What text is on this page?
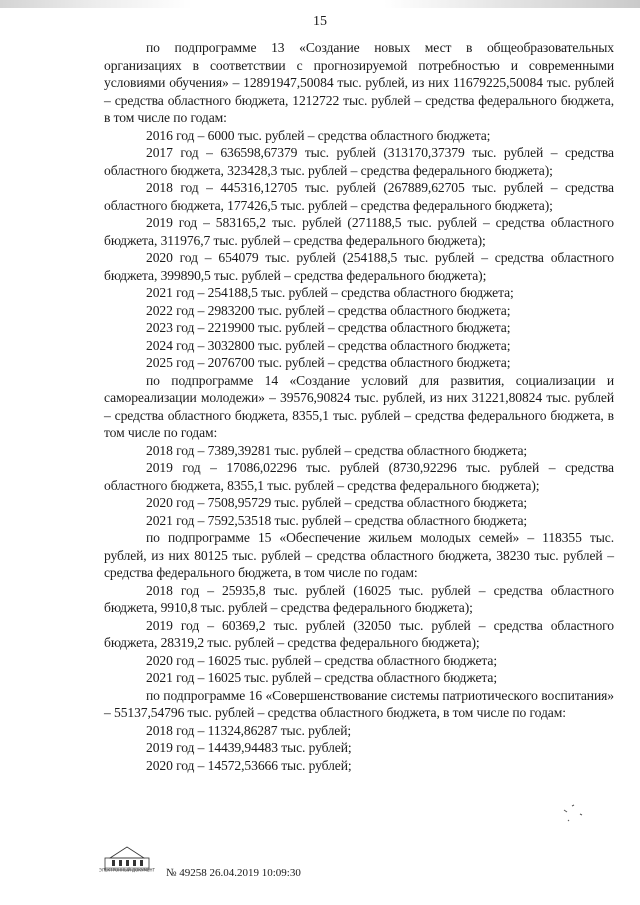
15

по подпрограмме 13 «Создание новых мест в общеобразовательных организациях в соответствии с прогнозируемой потребностью и современными условиями обучения» – 12891947,50084 тыс. рублей, из них 11679225,50084 тыс. рублей – средства областного бюджета, 1212722 тыс. рублей – средства федерального бюджета, в том числе по годам:

2016 год – 6000 тыс. рублей – средства областного бюджета;

2017 год – 636598,67379 тыс. рублей (313170,37379 тыс. рублей – средства областного бюджета, 323428,3 тыс. рублей – средства федерального бюджета);

2018 год – 445316,12705 тыс. рублей (267889,62705 тыс. рублей – средства областного бюджета, 177426,5 тыс. рублей – средства федерального бюджета);

2019 год – 583165,2 тыс. рублей (271188,5 тыс. рублей – средства областного бюджета, 311976,7 тыс. рублей – средства федерального бюджета);

2020 год – 654079 тыс. рублей (254188,5 тыс. рублей – средства областного бюджета, 399890,5 тыс. рублей – средства федерального бюджета);

2021 год – 254188,5 тыс. рублей – средства областного бюджета;

2022 год – 2983200 тыс. рублей – средства областного бюджета;

2023 год – 2219900 тыс. рублей – средства областного бюджета;

2024 год – 3032800 тыс. рублей – средства областного бюджета;

2025 год – 2076700 тыс. рублей – средства областного бюджета;

по подпрограмме 14 «Создание условий для развития, социализации и самореализации молодежи» – 39576,90824 тыс. рублей, из них 31221,80824 тыс. рублей – средства областного бюджета, 8355,1 тыс. рублей – средства федерального бюджета, в том числе по годам:

2018 год – 7389,39281 тыс. рублей – средства областного бюджета;

2019 год – 17086,02296 тыс. рублей (8730,92296 тыс. рублей – средства областного бюджета, 8355,1 тыс. рублей – средства федерального бюджета);

2020 год – 7508,95729 тыс. рублей – средства областного бюджета;

2021 год – 7592,53518 тыс. рублей – средства областного бюджета;

по подпрограмме 15 «Обеспечение жильем молодых семей» – 118355 тыс. рублей, из них 80125 тыс. рублей – средства областного бюджета, 38230 тыс. рублей – средства федерального бюджета, в том числе по годам:

2018 год – 25935,8 тыс. рублей (16025 тыс. рублей – средства областного бюджета, 9910,8 тыс. рублей – средства федерального бюджета);

2019 год – 60369,2 тыс. рублей (32050 тыс. рублей – средства областного бюджета, 28319,2 тыс. рублей – средства федерального бюджета);

2020 год – 16025 тыс. рублей – средства областного бюджета;

2021 год – 16025 тыс. рублей – средства областного бюджета;

по подпрограмме 16 «Совершенствование системы патриотического воспитания» – 55137,54796 тыс. рублей – средства областного бюджета, в том числе по годам:

2018 год – 11324,86287 тыс. рублей;

2019 год – 14439,94483 тыс. рублей;

2020 год – 14572,53666 тыс. рублей;

ЭЛЕКТРОННЫЙ ДОКУМЕНТ № 49258 26.04.2019 10:09:30
